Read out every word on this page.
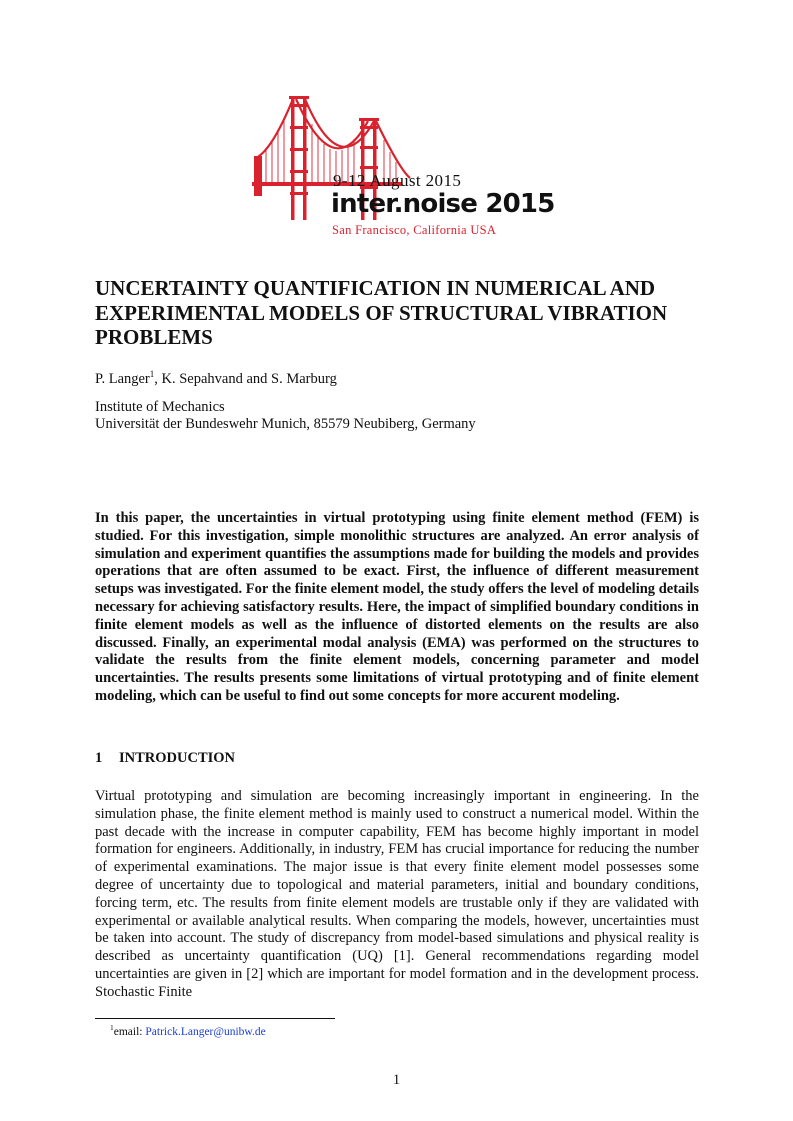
9-12 August 2015
inter.noise 2015
San Francisco, California USA
UNCERTAINTY QUANTIFICATION IN NUMERICAL AND EXPERIMENTAL MODELS OF STRUCTURAL VIBRATION PROBLEMS
P. Langer$^1$, K. Sepahvand and S. Marburg
Institute of Mechanics
Universität der Bundeswehr Munich, 85579 Neubiberg, Germany

In this paper, the uncertainties in virtual prototyping using finite element method (FEM) is studied. For this investigation, simple monolithic structures are analyzed. An error analysis of simulation and experiment quantifies the assumptions made for building the models and provides operations that are often assumed to be exact. First, the influence of different measurement setups was investigated. For the finite element model, the study offers the level of modeling details necessary for achieving satisfactory results. Here, the impact of simplified boundary conditions in finite element models as well as the influence of distorted elements on the results are also discussed. Finally, an experimental modal analysis (EMA) was performed on the structures to validate the results from the finite element models, concerning parameter and model uncertainties. The results presents some limitations of virtual prototyping and of finite element modeling, which can be useful to find out some concepts for more accurent modeling.

1 INTRODUCTION

Virtual prototyping and simulation are becoming increasingly important in engineering. In the simulation phase, the finite element method is mainly used to construct a numerical model. Within the past decade with the increase in computer capability, FEM has become highly important in model formation for engineers. Additionally, in industry, FEM has crucial importance for reducing the number of experimental examinations. The major issue is that every finite element model possesses some degree of uncertainty due to topological and material parameters, initial and boundary conditions, forcing term, etc. The results from finite element models are trustable only if they are validated with experimental or available analytical results. When comparing the models, however, uncertainties must be taken into account. The study of discrepancy from model-based simulations and physical reality is described as uncertainty quantification (UQ) [1]. General recommendations regarding model uncertainties are given in [2] which are important for model formation and in the development process. Stochastic Finite

$^1$email: Patrick.Langer@unibw.de
1
